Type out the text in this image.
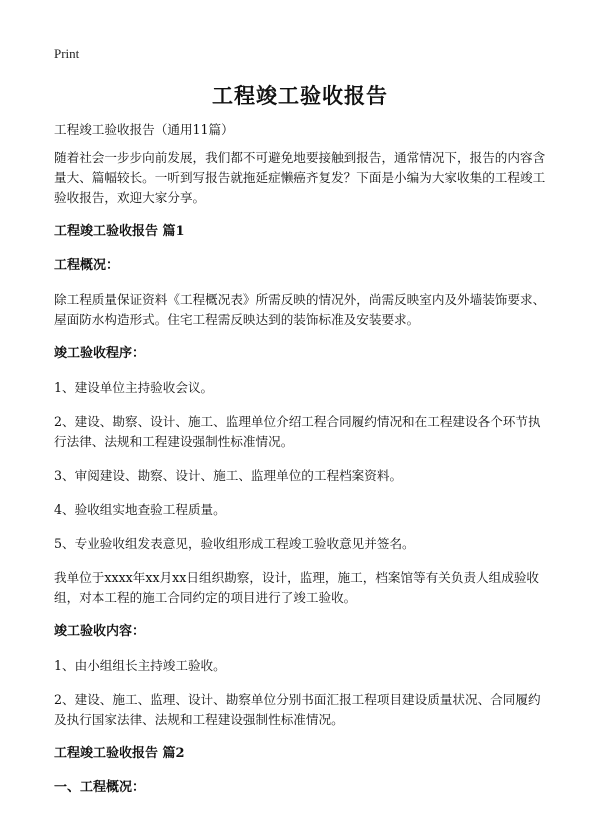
Print
工程竣工验收报告

工程竣工验收报告（通用11篇）

随着社会一步步向前发展，我们都不可避免地要接触到报告，通常情况下，报告的内容含量大、篇幅较长。一听到写报告就拖延症懒癌齐复发？下面是小编为大家收集的工程竣工验收报告，欢迎大家分享。

工程竣工验收报告 篇1

工程概况：

除工程质量保证资料《工程概况表》所需反映的情况外，尚需反映室内及外墙装饰要求、屋面防水构造形式。住宅工程需反映达到的装饰标准及安装要求。

竣工验收程序：

1、建设单位主持验收会议。

2、建设、勘察、设计、施工、监理单位介绍工程合同履约情况和在工程建设各个环节执行法律、法规和工程建设强制性标准情况。

3、审阅建设、勘察、设计、施工、监理单位的工程档案资料。

4、验收组实地查验工程质量。

5、专业验收组发表意见，验收组形成工程竣工验收意见并签名。

我单位于xxxx年xx月xx日组织勘察，设计，监理，施工，档案馆等有关负责人组成验收组，对本工程的施工合同约定的项目进行了竣工验收。

竣工验收内容：

1、由小组组长主持竣工验收。

2、建设、施工、监理、设计、勘察单位分别书面汇报工程项目建设质量状况、合同履约及执行国家法律、法规和工程建设强制性标准情况。

工程竣工验收报告 篇2

一、工程概况：
